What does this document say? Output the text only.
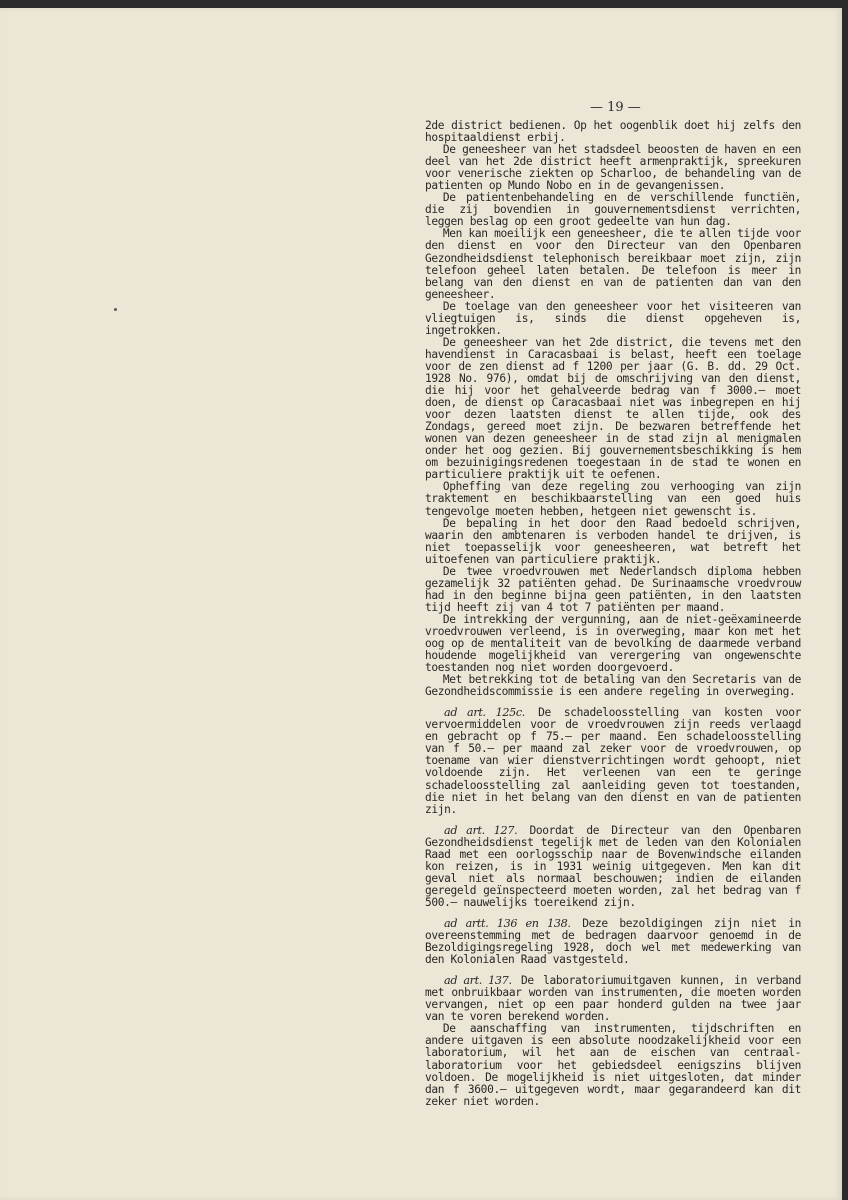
— 19 —

2de district bedienen. Op het oogenblik doet hij zelfs den hospitaaldienst erbij.

De geneesheer van het stadsdeel beoosten de haven en een deel van het 2de district heeft armenpraktijk, spreekuren voor venerische ziekten op Scharloo, de behandeling van de patienten op Mundo Nobo en in de gevangenissen.

De patientenbehandeling en de verschillende functiën, die zij bovendien in gouvernementsdienst verrichten, leggen beslag op een groot gedeelte van hun dag.

Men kan moeilijk een geneesheer, die te allen tijde voor den dienst en voor den Directeur van den Openbaren Gezondheidsdienst telephonisch bereikbaar moet zijn, zijn telefoon geheel laten betalen. De telefoon is meer in belang van den dienst en van de patienten dan van den geneesheer.

De toelage van den geneesheer voor het visiteeren van vliegtuigen is, sinds die dienst opgeheven is, ingetrokken.

De geneesheer van het 2de district, die tevens met den havendienst in Caracasbaai is belast, heeft een toelage voor de zen dienst ad f 1200 per jaar (G. B. dd. 29 Oct. 1928 No. 976), omdat bij de omschrijving van den dienst, die hij voor het gehalveerde bedrag van f 3000.— moet doen, de dienst op Caracasbaai niet was inbegrepen en hij voor dezen laatsten dienst te allen tijde, ook des Zondags, gereed moet zijn. De bezwaren betreffende het wonen van dezen geneesheer in de stad zijn al menigmalen onder het oog gezien. Bij gouvernementsbeschikking is hem om bezuinigingsredenen toegestaan in de stad te wonen en particuliere praktijk uit te oefenen.

Opheffing van deze regeling zou verhooging van zijn traktement en beschikbaarstelling van een goed huis tengevolge moeten hebben, hetgeen niet gewenscht is.

De bepaling in het door den Raad bedoeld schrijven, waarin den ambtenaren is verboden handel te drijven, is niet toepasselijk voor geneesheeren, wat betreft het uitoefenen van particuliere praktijk.

De twee vroedvrouwen met Nederlandsch diploma hebben gezamelijk 32 patiënten gehad. De Surinaamsche vroedvrouw had in den beginne bijna geen patiënten, in den laatsten tijd heeft zij van 4 tot 7 patiënten per maand.

De intrekking der vergunning, aan de niet-geëxamineerde vroedvrouwen verleend, is in overweging, maar kon met het oog op de mentaliteit van de bevolking de daarmede verband houdende mogelijkheid van verergering van ongewenschte toestanden nog niet worden doorgevoerd.

Met betrekking tot de betaling van den Secretaris van de Gezondheidscommissie is een andere regeling in overweging.

ad art. 125c. De schadeloosstelling van kosten voor vervoermiddelen voor de vroedvrouwen zijn reeds verlaagd en gebracht op f 75.— per maand. Een schadeloosstelling van f 50.— per maand zal zeker voor de vroedvrouwen, op toename van wier dienstverrichtingen wordt gehoopt, niet voldoende zijn. Het verleenen van een te geringe schadeloosstelling zal aanleiding geven tot toestanden, die niet in het belang van den dienst en van de patienten zijn.

ad art. 127. Doordat de Directeur van den Openbaren Gezondheidsdienst tegelijk met de leden van den Kolonialen Raad met een oorlogsschip naar de Bovenwindsche eilanden kon reizen, is in 1931 weinig uitgegeven. Men kan dit geval niet als normaal beschouwen; indien de eilanden geregeld geïnspecteerd moeten worden, zal het bedrag van f 500.— nauwelijks toereikend zijn.

ad artt. 136 en 138. Deze bezoldigingen zijn niet in overeenstemming met de bedragen daarvoor genoemd in de Bezoldigingsregeling 1928, doch wel met medewerking van den Kolonialen Raad vastgesteld.

ad art. 137. De laboratoriumuitgaven kunnen, in verband met onbruikbaar worden van instrumenten, die moeten worden vervangen, niet op een paar honderd gulden na twee jaar van te voren berekend worden.

De aanschaffing van instrumenten, tijdschriften en andere uitgaven is een absolute noodzakelijkheid voor een laboratorium, wil het aan de eischen van centraal-laboratorium voor het gebiedsdeel eenigszins blijven voldoen. De mogelijkheid is niet uitgesloten, dat minder dan f 3600.— uitgegeven wordt, maar gegarandeerd kan dit zeker niet worden.
